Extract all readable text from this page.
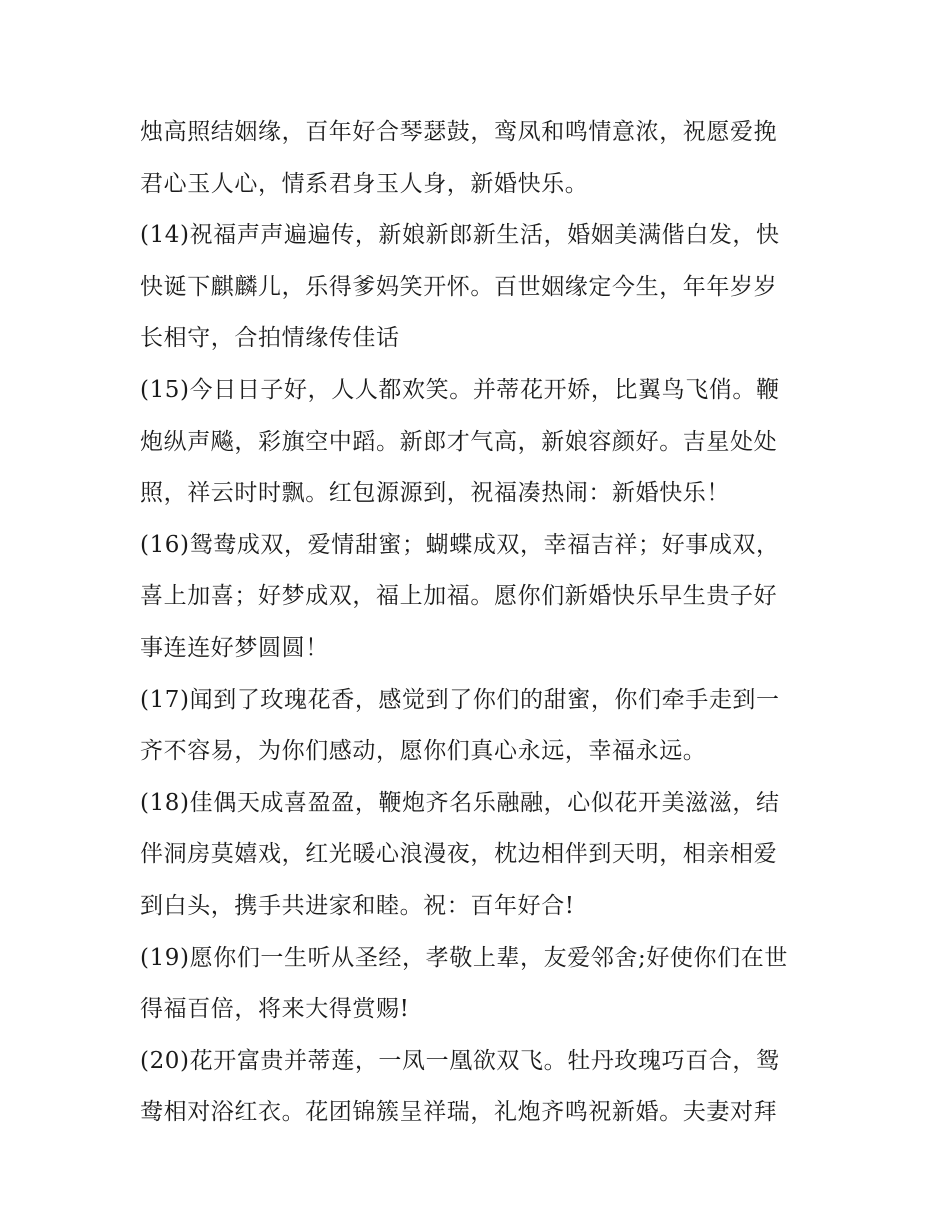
烛高照结姻缘，百年好合琴瑟鼓，鸾凤和鸣情意浓，祝愿爱挽
君心玉人心，情系君身玉人身，新婚快乐。
(14)祝福声声遍遍传，新娘新郎新生活，婚姻美满偕白发，快
快诞下麒麟儿，乐得爹妈笑开怀。百世姻缘定今生，年年岁岁
长相守，合拍情缘传佳话
(15)今日日子好，人人都欢笑。并蒂花开娇，比翼鸟飞俏。鞭
炮纵声飚，彩旗空中蹈。新郎才气高，新娘容颜好。吉星处处
照，祥云时时飘。红包源源到，祝福凑热闹：新婚快乐！
(16)鸳鸯成双，爱情甜蜜；蝴蝶成双，幸福吉祥；好事成双，
喜上加喜；好梦成双，福上加福。愿你们新婚快乐早生贵子好
事连连好梦圆圆！
(17)闻到了玫瑰花香，感觉到了你们的甜蜜，你们牵手走到一
齐不容易，为你们感动，愿你们真心永远，幸福永远。
(18)佳偶天成喜盈盈，鞭炮齐名乐融融，心似花开美滋滋，结
伴洞房莫嬉戏，红光暖心浪漫夜，枕边相伴到天明，相亲相爱
到白头，携手共进家和睦。祝：百年好合!
(19)愿你们一生听从圣经，孝敬上辈，友爱邻舍;好使你们在世
得福百倍，将来大得赏赐!
(20)花开富贵并蒂莲，一凤一凰欲双飞。牡丹玫瑰巧百合，鸳
鸯相对浴红衣。花团锦簇呈祥瑞，礼炮齐鸣祝新婚。夫妻对拜
